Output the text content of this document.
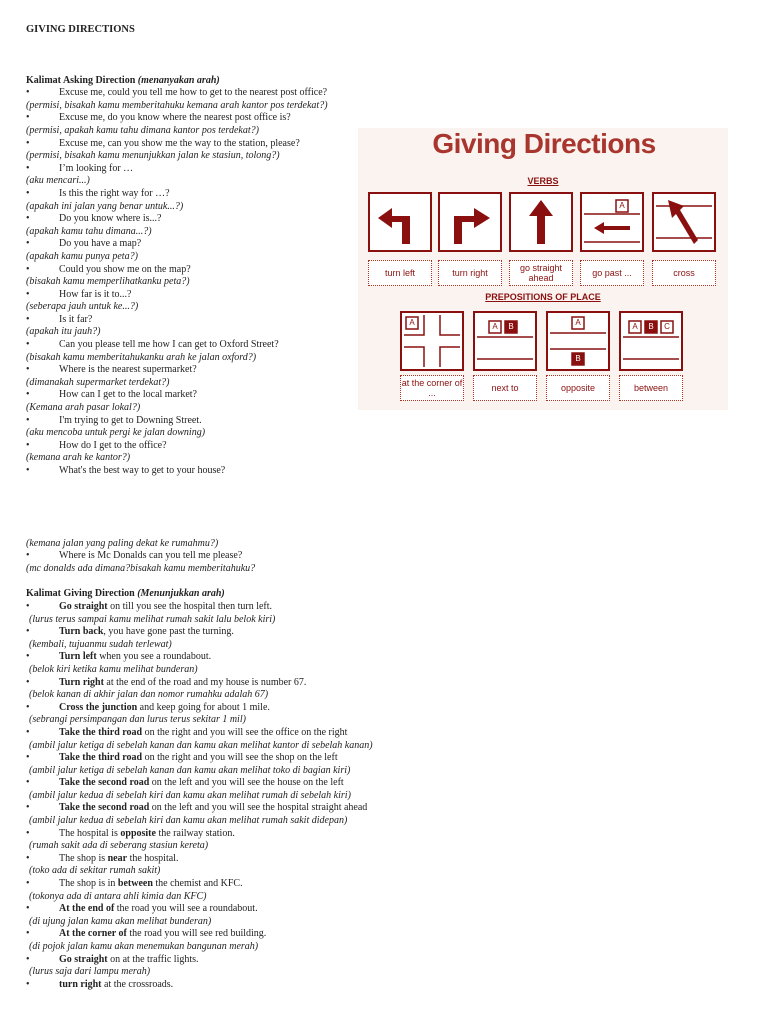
GIVING DIRECTIONS

Kalimat Asking Direction (menanyakan arah)

• Excuse me, could you tell me how to get to the nearest post office?

(permisi, bisakah kamu memberitahuku kemana arah kantor pos terdekat?)

• Excuse me, do you know where the nearest post office is?

(permisi, apakah kamu tahu dimana kantor pos terdekat?)

• Excuse me, can you show me the way to the station, please?

(permisi, bisakah kamu menunjukkan jalan ke stasiun, tolong?)

• I’m looking for …

(aku mencari...)

• Is this the right way for …?

(apakah ini jalan yang benar untuk...?)

• Do you know where is...?

(apakah kamu tahu dimana...?)

• Do you have a map?

(apakah kamu punya peta?)

• Could you show me on the map?

(bisakah kamu memperlihatkanku peta?)

• How far is it to...?

(seberapa jauh untuk ke...?)

• Is it far?

(apakah itu jauh?)

• Can you please tell me how I can get to Oxford Street?

(bisakah kamu memberitahukanku arah ke jalan oxford?)

• Where is the nearest supermarket?

(dimanakah supermarket terdekat?)

• How can I get to the local market?

(Kemana arah pasar lokal?)

• I'm trying to get to Downing Street.

(aku mencoba untuk pergi ke jalan downing)

• How do I get to the office?

(kemana arah ke kantor?)

• What's the best way to get to your house?

(kemana jalan yang paling dekat ke rumahmu?)

• Where is Mc Donalds can you tell me please?

(mc donalds ada dimana?bisakah kamu memberitahuku?

Kalimat Giving Direction (Menunjukkan arah)

• Go straight on till you see the hospital then turn left.

(lurus terus sampai kamu melihat rumah sakit lalu belok kiri)

• Turn back, you have gone past the turning.

(kembali, tujuanmu sudah terlewat)

• Turn left when you see a roundabout.

(belok kiri ketika kamu melihat bunderan)

• Turn right at the end of the road and my house is number 67.

(belok kanan di akhir jalan dan nomor rumahku adalah 67)

• Cross the junction and keep going for about 1 mile.

(sebrangi persimpangan dan lurus terus sekitar 1 mil)

• Take the third road on the right and you will see the office on the right

(ambil jalur ketiga di sebelah kanan dan kamu akan melihat kantor di sebelah kanan)

• Take the third road on the right and you will see the shop on the left

(ambil jalur ketiga di sebelah kanan dan kamu akan melihat toko di bagian kiri)

• Take the second road on the left and you will see the house on the left

(ambil jalur kedua di sebelah kiri dan kamu akan melihat rumah di sebelah kiri)

• Take the second road on the left and you will see the hospital straight ahead

(ambil jalur kedua di sebelah kiri dan kamu akan melihat rumah sakit didepan)

• The hospital is opposite the railway station.

(rumah sakit ada di seberang stasiun kereta)

• The shop is near the hospital.

(toko ada di sekitar rumah sakit)

• The shop is in between the chemist and KFC.

(tokonya ada di antara ahli kimia dan KFC)

• At the end of the road you will see a roundabout.

(di ujung jalan kamu akan melihat bunderan)

• At the corner of the road you will see red building.

(di pojok jalan kamu akan menemukan bangunan merah)

• Go straight on at the traffic lights.

(lurus saja dari lampu merah)

• turn right at the crossroads.

Giving Directions
VERBS
A
turn left	turn right	go straight ahead	go past ...	cross
PREPOSITIONS OF PLACE
A	A	B	A
B
A	B	C
at the corner of ...	next to	opposite	between
